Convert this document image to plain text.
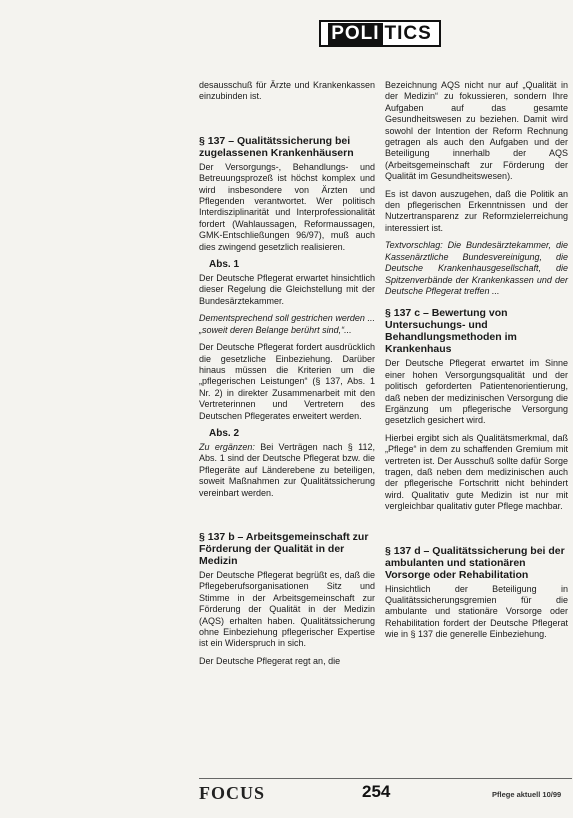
POLI TICS

desausschuß für Ärzte und Krankenkassen einzubinden ist.

§ 137 – Qualitätssicherung bei zugelassenen Krankenhäusern

Der Versorgungs-, Behandlungs- und Betreuungsprozeß ist höchst komplex und wird insbesondere von Ärzten und Pflegenden verantwortet. Wer politisch Interdisziplinarität und Interprofessionalität fordert (Wahlaussagen, Reformaussagen, GMK-Entschließungen 96/97), muß auch dies zwingend gesetzlich realisieren.

Abs. 1

Der Deutsche Pflegerat erwartet hinsichtlich dieser Regelung die Gleichstellung mit der Bundesärztekammer.

Dementsprechend soll gestrichen werden ... „soweit deren Belange berührt sind,“...

Der Deutsche Pflegerat fordert ausdrücklich die gesetzliche Einbeziehung. Darüber hinaus müssen die Kriterien um die „pflegerischen Leistungen“ (§ 137, Abs. 1 Nr. 2) in direkter Zusammenarbeit mit den Vertreterinnen und Vertretern des Deutschen Pflegerates erweitert werden.

Abs. 2

Zu ergänzen: Bei Verträgen nach § 112, Abs. 1 sind der Deutsche Pflegerat bzw. die Pflegeräte auf Länderebene zu beteiligen, soweit Maßnahmen zur Qualitätssicherung vereinbart werden.

§ 137 b – Arbeitsgemeinschaft zur Förderung der Qualität in der Medizin

Der Deutsche Pflegerat begrüßt es, daß die Pflegeberufsorganisationen Sitz und Stimme in der Arbeitsgemeinschaft zur Förderung der Qualität in der Medizin (AQS) erhalten haben. Qualitätssicherung ohne Einbeziehung pflegerischer Expertise ist ein Widerspruch in sich.

Der Deutsche Pflegerat regt an, die

Bezeichnung AQS nicht nur auf „Qualität in der Medizin“ zu fokussieren, sondern Ihre Aufgaben auf das gesamte Gesundheitswesen zu beziehen. Damit wird sowohl der Intention der Reform Rechnung getragen als auch den Aufgaben und der Beteiligung innerhalb der AQS (Arbeitsgemeinschaft zur Förderung der Qualität im Gesundheitswesen).

Es ist davon auszugehen, daß die Politik an den pflegerischen Erkenntnissen und der Nutzertransparenz zur Reformzielerreichung interessiert ist.

Textvorschlag: Die Bundesärztekammer, die Kassenärztliche Bundesvereinigung, die Deutsche Krankenhausgesellschaft, die Spitzenverbände der Krankenkassen und der Deutsche Pflegerat treffen ...

§ 137 c – Bewertung von Untersuchungs- und Behandlungsmethoden im Krankenhaus

Der Deutsche Pflegerat erwartet im Sinne einer hohen Versorgungsqualität und der politisch geforderten Patientenorientierung, daß neben der medizinischen Versorgung die Ergänzung um pflegerische Versorgung gesetzlich gesichert wird.

Hierbei ergibt sich als Qualitätsmerkmal, daß „Pflege“ in dem zu schaffenden Gremium mit vertreten ist. Der Ausschuß sollte dafür Sorge tragen, daß neben dem medizinischen auch der pflegerische Fortschritt nicht behindert wird. Qualitativ gute Medizin ist nur mit vergleichbar qualitativ guter Pflege machbar.

§ 137 d – Qualitätssicherung bei der ambulanten und stationären Vorsorge oder Rehabilitation

Hinsichtlich der Beteiligung in Qualitätssicherungsgremien für die ambulante und stationäre Vorsorge oder Rehabilitation fordert der Deutsche Pflegerat wie in § 137 die generelle Einbeziehung.

FOCUS	254	Pflege aktuell 10/99
